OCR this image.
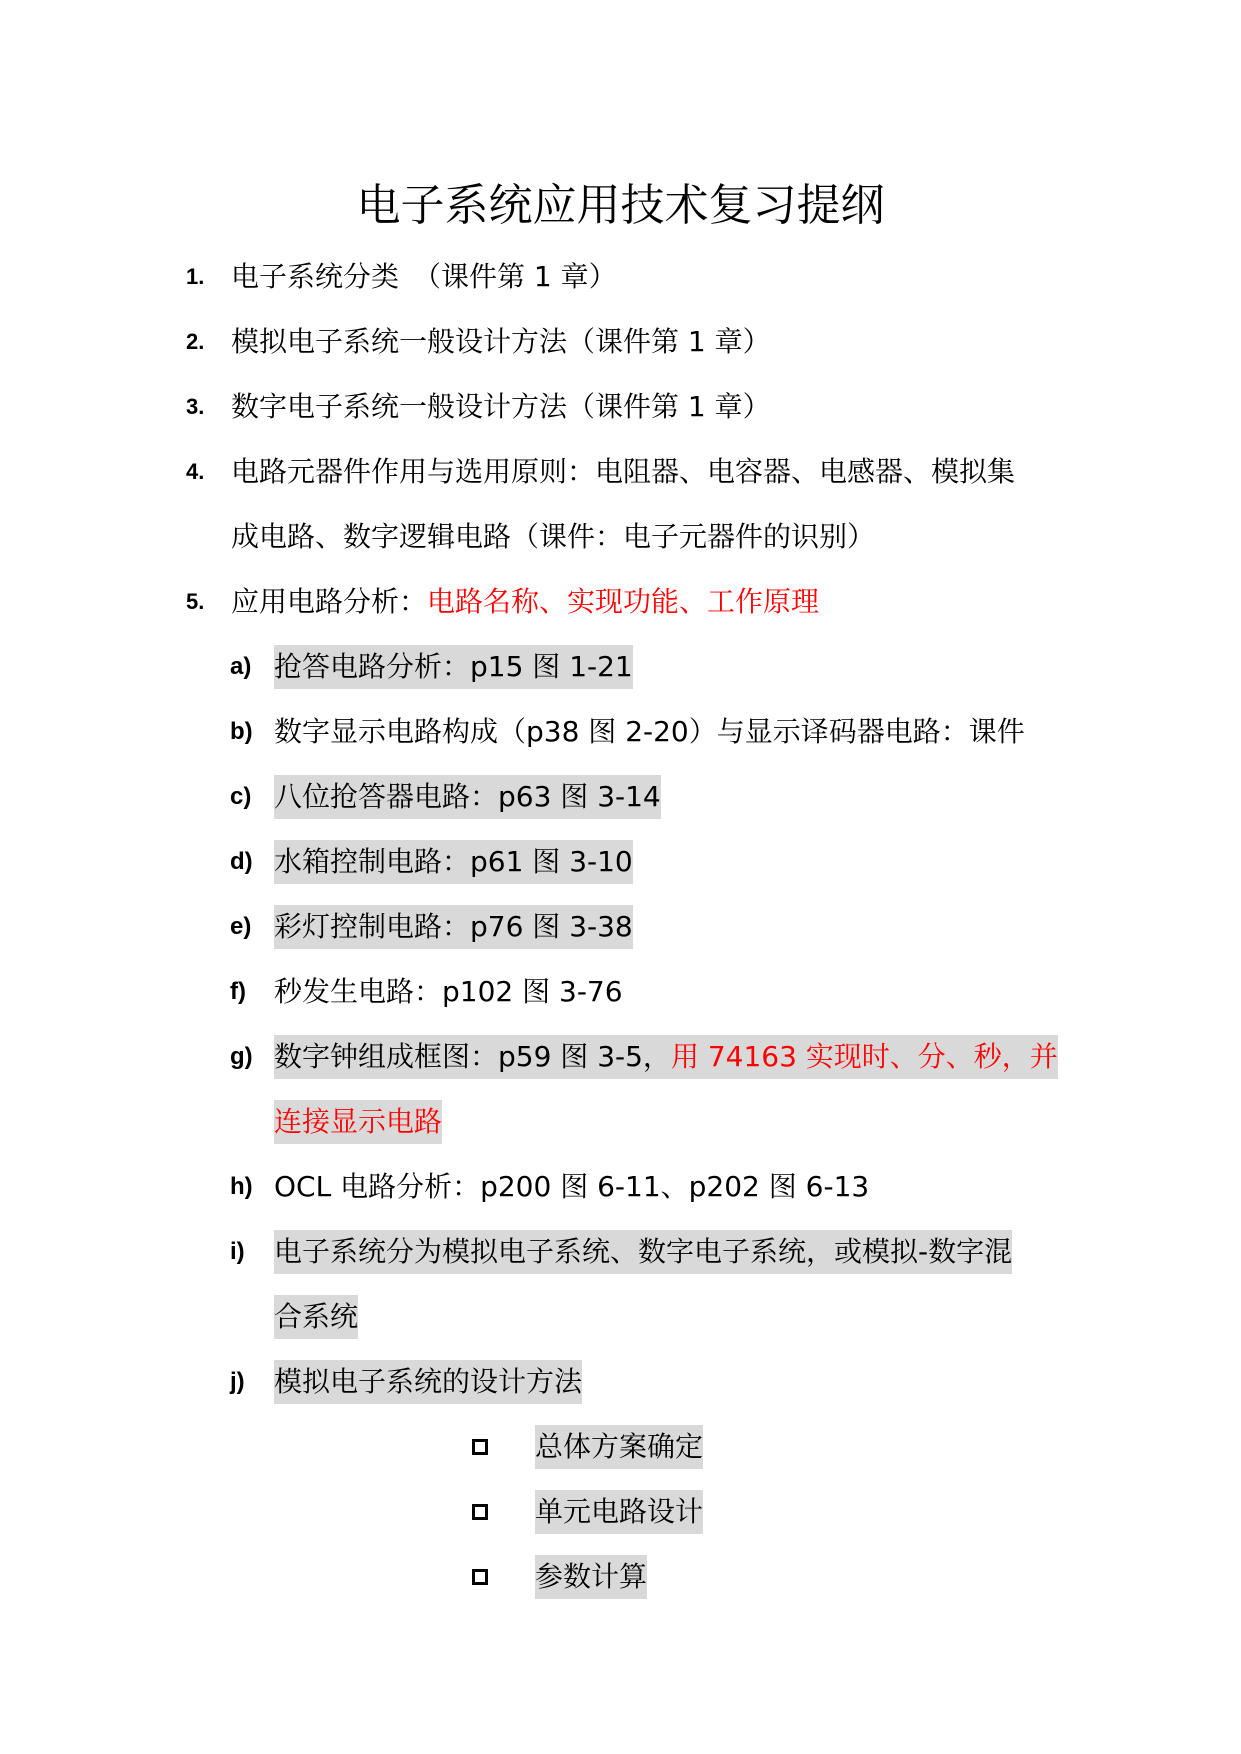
电子系统应用技术复习提纲
1. 电子系统分类　（课件第 1 章）
2. 模拟电子系统一般设计方法（课件第 1 章）
3. 数字电子系统一般设计方法（课件第 1 章）
4. 电路元器件作用与选用原则：电阻器、电容器、电感器、模拟集
成电路、数字逻辑电路（课件：电子元器件的识别）
5. 应用电路分析：电路名称、实现功能、工作原理
a) 抢答电路分析：p15 图 1-21
b) 数字显示电路构成（p38 图 2-20）与显示译码器电路：课件
c) 八位抢答器电路：p63 图 3-14
d) 水箱控制电路：p61 图 3-10
e) 彩灯控制电路：p76 图 3-38
f) 秒发生电路：p102 图 3-76
g) 数字钟组成框图：p59 图 3-5，用 74163 实现时、分、秒，并
连接显示电路
h) OCL 电路分析：p200 图 6-11、p202 图 6-13
i) 电子系统分为模拟电子系统、数字电子系统，或模拟-数字混
合系统
j) 模拟电子系统的设计方法
总体方案确定
单元电路设计
参数计算
